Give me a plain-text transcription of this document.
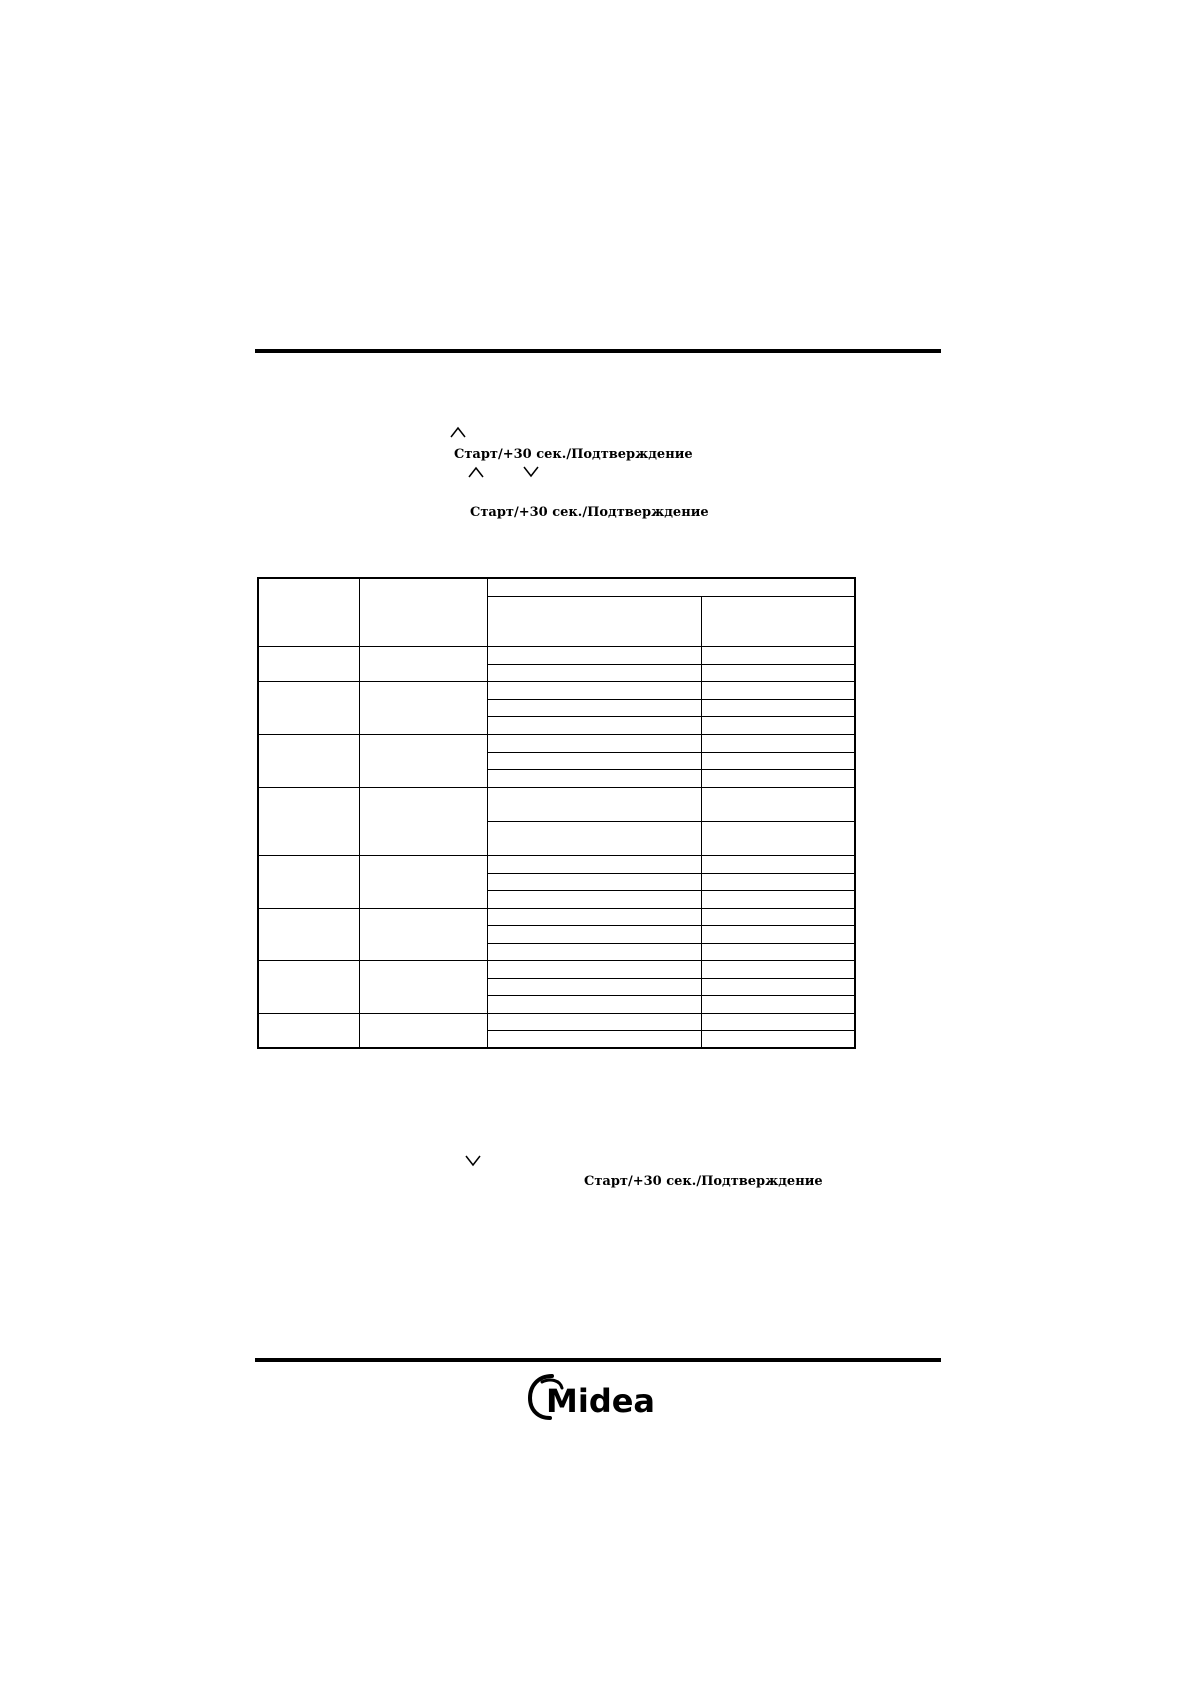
Старт/+30 сек./Подтверждение
Старт/+30 сек./Подтверждение

Старт/+30 сек./Подтверждение
Midea
